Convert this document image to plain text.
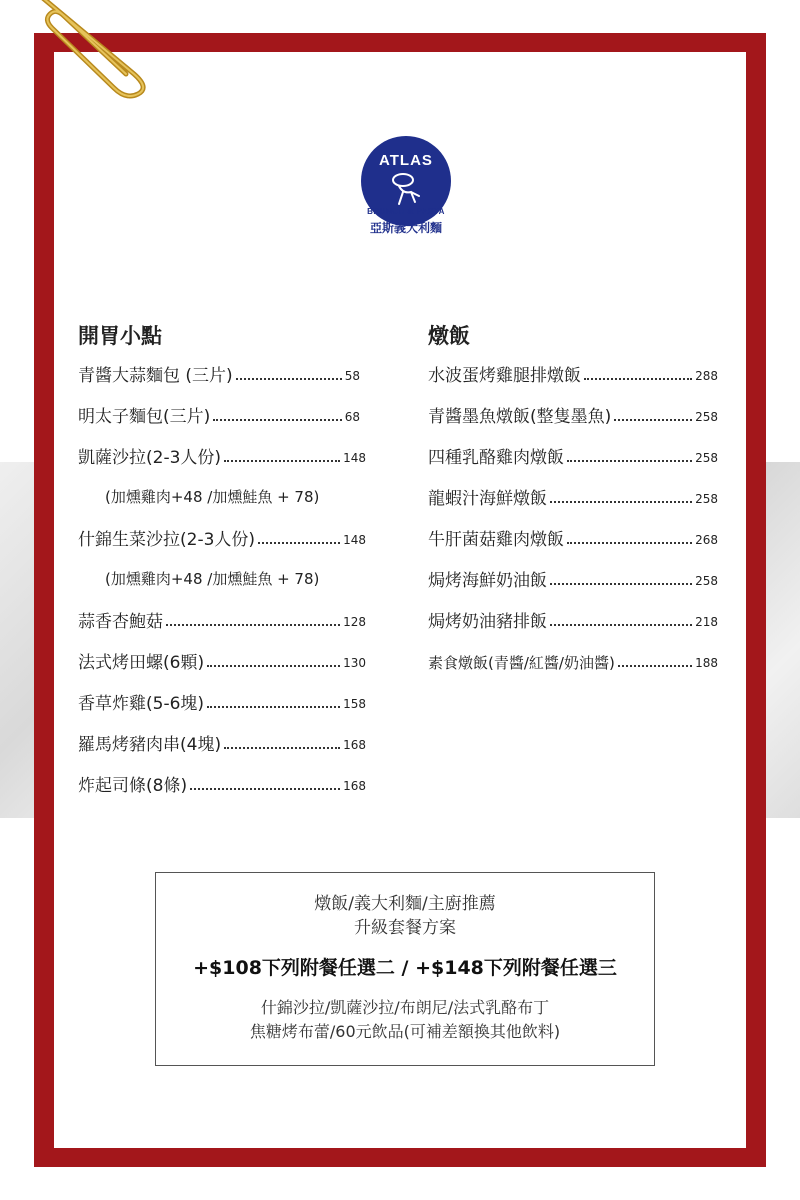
ATLAS
BRUNCH & PASTA
亞斯義大利麵
開胃小點
青醬大蒜麵包 (三片)	58
明太子麵包(三片)	68
凱薩沙拉(2-3人份)	148
(加燻雞肉+48 /加燻鮭魚 + 78)
什錦生菜沙拉(2-3人份)	148
(加燻雞肉+48 /加燻鮭魚 + 78)
蒜香杏鮑菇	128
法式烤田螺(6顆)	130
香草炸雞(5-6塊)	158
羅馬烤豬肉串(4塊)	168
炸起司條(8條)	168
燉飯
水波蛋烤雞腿排燉飯	288
青醬墨魚燉飯(整隻墨魚)	258
四種乳酪雞肉燉飯	258
龍蝦汁海鮮燉飯	258
牛肝菌菇雞肉燉飯	268
焗烤海鮮奶油飯	258
焗烤奶油豬排飯	218
素食燉飯(青醬/紅醬/奶油醬)	188
燉飯/義大利麵/主廚推薦
升級套餐方案
+$108下列附餐任選二 / +$148下列附餐任選三
什錦沙拉/凱薩沙拉/布朗尼/法式乳酪布丁
焦糖烤布蕾/60元飲品(可補差額換其他飲料)
